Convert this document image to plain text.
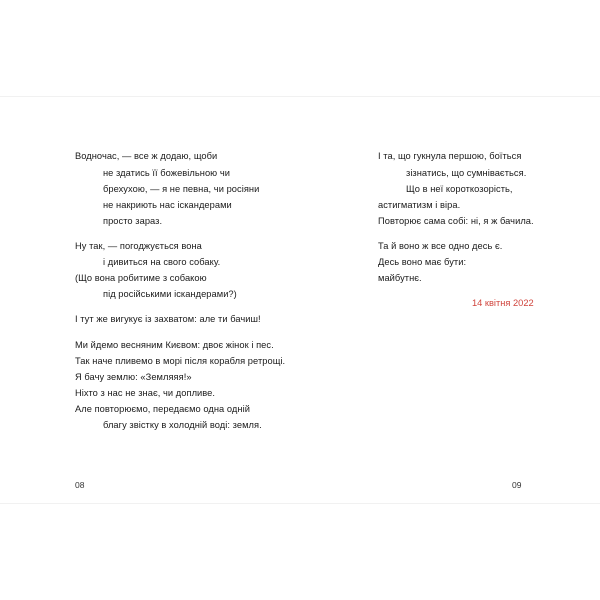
Водночас, — все ж додаю, щоби
не здатись її божевільною чи
брехухою, — я не певна, чи росіяни
не накриють нас іскандерами
просто зараз.
Ну так, — погоджується вона
і дивиться на свого собаку.
(Що вона робитиме з собакою
під російськими іскандерами?)
І тут же вигукує із захватом: але ти бачиш!
Ми йдемо весняним Києвом: двоє жінок і пес.
Так наче пливемо в морі після корабля ретрощі.
Я бачу землю: «Земляяя!»
Ніхто з нас не знає, чи допливе.
Але повторюємо, передаємо одна одній
благу звістку в холодній воді: земля.
08
І та, що гукнула першою, боїться
зізнатись, що сумнівається.
Що в неї короткозорість,
астигматизм і віра.
Повторює сама собі: ні, я ж бачила.
Та й воно ж все одно десь є.
Десь воно має бути:
майбутнє.
14 квітня 2022
09
